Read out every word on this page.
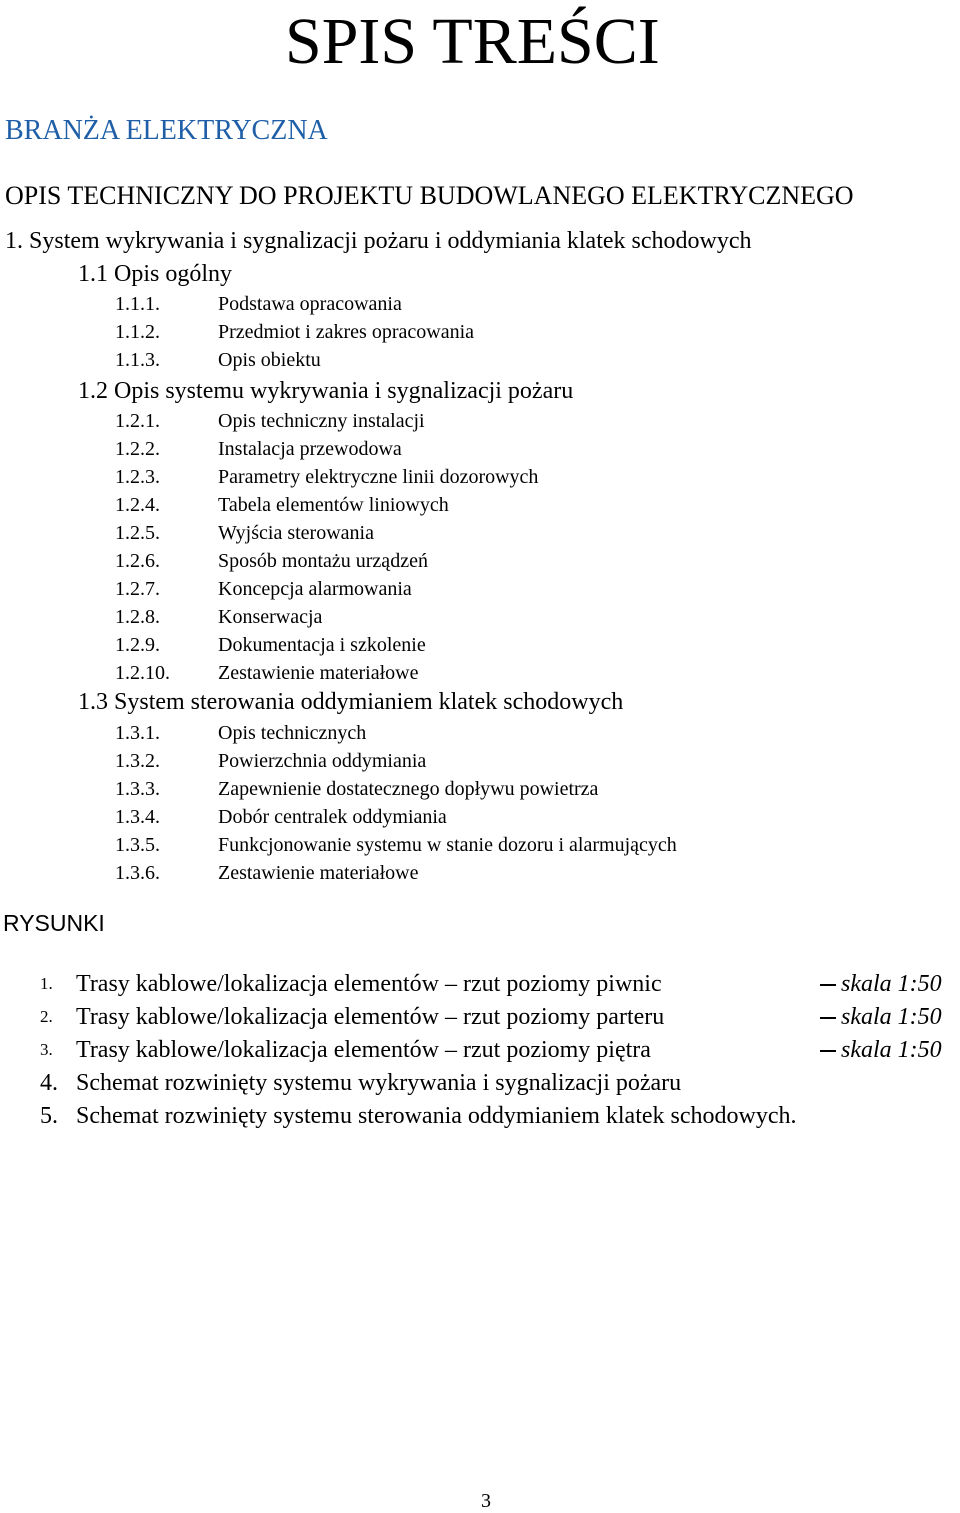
SPIS TREŚCI
BRANŻA ELEKTRYCZNA
OPIS TECHNICZNY DO PROJEKTU BUDOWLANEGO ELEKTRYCZNEGO
1. System wykrywania i sygnalizacji pożaru i oddymiania klatek schodowych
1.1 Opis ogólny
1.1.1.	Podstawa opracowania
1.1.2.	Przedmiot i zakres opracowania
1.1.3.	Opis obiektu
1.2 Opis systemu wykrywania i sygnalizacji pożaru
1.2.1.	Opis techniczny instalacji
1.2.2.	Instalacja przewodowa
1.2.3.	Parametry elektryczne linii dozorowych
1.2.4.	Tabela elementów liniowych
1.2.5.	Wyjścia sterowania
1.2.6.	Sposób montażu urządzeń
1.2.7.	Koncepcja alarmowania
1.2.8.	Konserwacja
1.2.9.	Dokumentacja i szkolenie
1.2.10. Zestawienie materiałowe
1.3 System sterowania oddymianiem klatek schodowych
1.3.1.	Opis technicznych
1.3.2.	Powierzchnia oddymiania
1.3.3.	Zapewnienie dostatecznego dopływu powietrza
1.3.4.	Dobór centralek oddymiania
1.3.5.	Funkcjonowanie systemu w stanie dozoru i alarmujących
1.3.6.	Zestawienie materiałowe
RYSUNKI
1. Trasy kablowe/lokalizacja elementów – rzut poziomy piwnic	skala 1:50
2. Trasy kablowe/lokalizacja elementów – rzut poziomy parteru	skala 1:50
3. Trasy kablowe/lokalizacja elementów – rzut poziomy piętra	skala 1:50
4. Schemat rozwinięty systemu wykrywania i sygnalizacji pożaru
5. Schemat rozwinięty systemu sterowania oddymianiem klatek schodowych.
3
